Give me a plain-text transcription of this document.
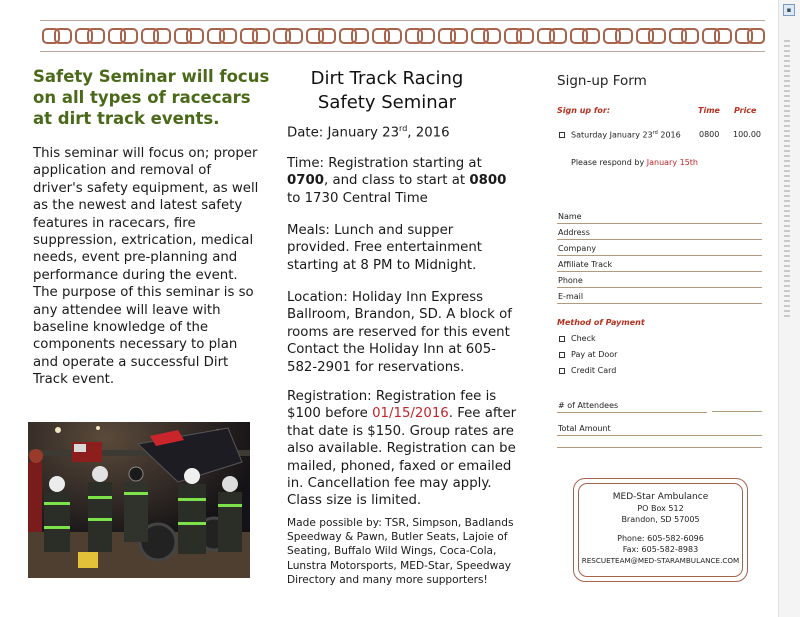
▪
Safety Seminar will focus on all types of racecars at dirt track events.
This seminar will focus on; proper application and removal of driver's safety equipment, as well as the newest and latest safety features in racecars, fire suppression, extrication, medical needs, event pre-planning and performance during the event. The purpose of this seminar is so any attendee will leave with baseline knowledge of the components necessary to plan and operate a successful Dirt Track event.
Dirt Track Racing
Safety Seminar
Date: January 23rd, 2016
Time: Registration starting at 0700, and class to start at 0800 to 1730 Central Time
Meals: Lunch and supper provided. Free entertainment starting at 8 PM to Midnight.
Location: Holiday Inn Express Ballroom, Brandon, SD. A block of rooms are reserved for this event Contact the Holiday Inn at 605-582-2901 for reservations.
Registration: Registration fee is $100 before 01/15/2016. Fee after that date is $150. Group rates are also available. Registration can be mailed, phoned, faxed or emailed in. Cancellation fee may apply. Class size is limited.
Made possible by: TSR, Simpson, Badlands Speedway & Pawn, Butler Seats, Lajoie of Seating, Buffalo Wild Wings, Coca-Cola, Lunstra Motorsports, MED-Star, Speedway Directory and many more supporters!
Sign-up Form
Sign up for:	Time Price
Saturday January 23rd 2016 0800 100.00
Please respond by January 15th
Name
Address
Company
Affiliate Track
Phone
E-mail
Method of Payment
Check
Pay at Door
Credit Card
# of Attendees
Total Amount
MED-Star Ambulance
PO Box 512
Brandon, SD 57005
Phone: 605-582-6096
Fax: 605-582-8983
RESCUETEAM@MED-STARAMBULANCE.COM
